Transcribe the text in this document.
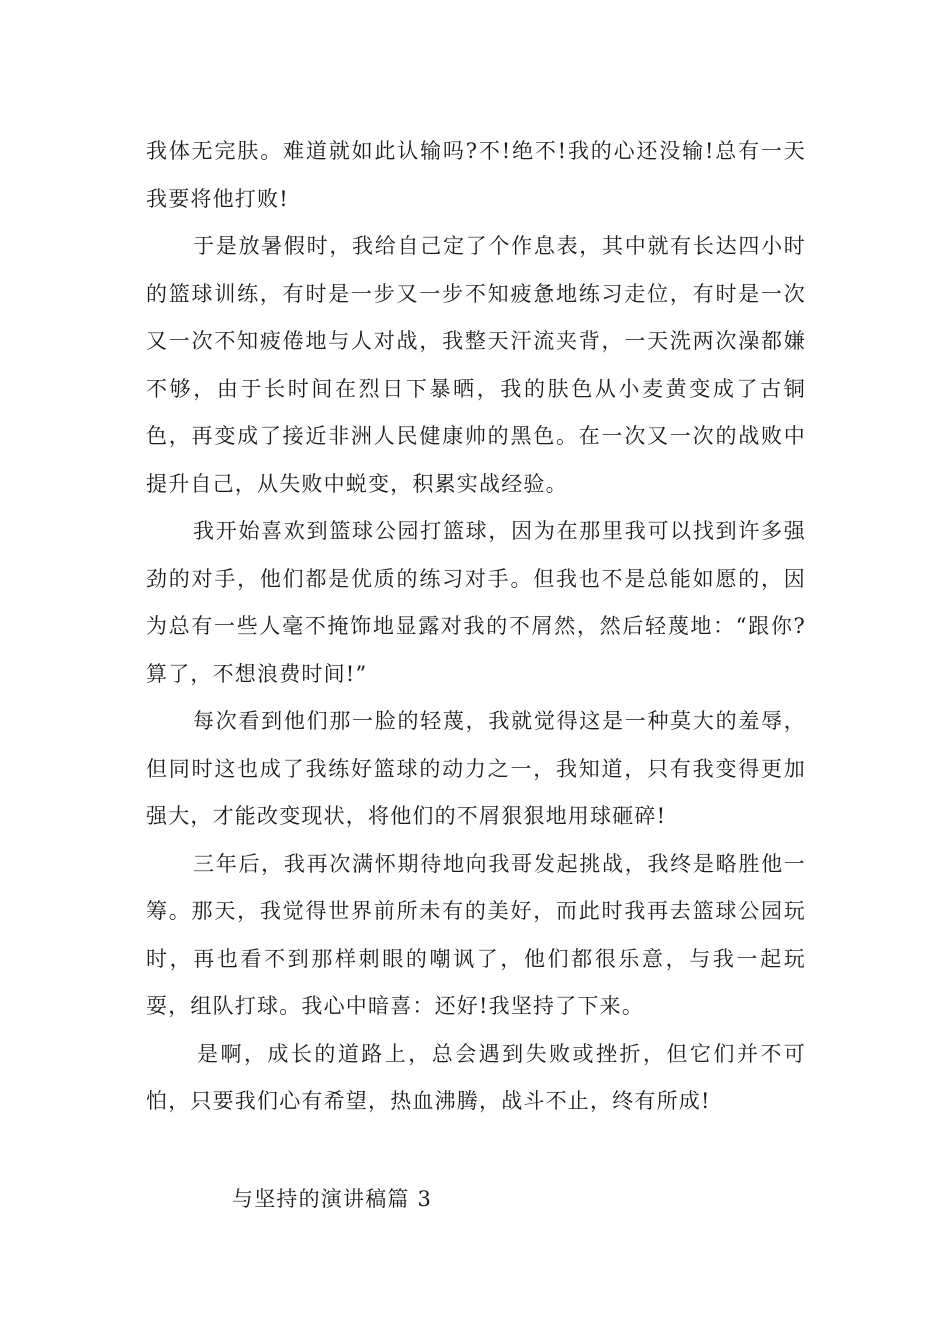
我体无完肤。难道就如此认输吗?不!绝不!我的心还没输!总有一天我要将他打败!

于是放暑假时，我给自己定了个作息表，其中就有长达四小时的篮球训练，有时是一步又一步不知疲惫地练习走位，有时是一次又一次不知疲倦地与人对战，我整天汗流夹背，一天洗两次澡都嫌不够，由于长时间在烈日下暴晒，我的肤色从小麦黄变成了古铜色，再变成了接近非洲人民健康帅的黑色。在一次又一次的战败中提升自己，从失败中蜕变，积累实战经验。

我开始喜欢到篮球公园打篮球，因为在那里我可以找到许多强劲的对手，他们都是优质的练习对手。但我也不是总能如愿的，因为总有一些人毫不掩饰地显露对我的不屑然，然后轻蔑地：“跟你?算了，不想浪费时间!”

每次看到他们那一脸的轻蔑，我就觉得这是一种莫大的羞辱，但同时这也成了我练好篮球的动力之一，我知道，只有我变得更加强大，才能改变现状，将他们的不屑狠狠地用球砸碎!

三年后，我再次满怀期待地向我哥发起挑战，我终是略胜他一筹。那天，我觉得世界前所未有的美好，而此时我再去篮球公园玩时，再也看不到那样刺眼的嘲讽了，他们都很乐意，与我一起玩耍，组队打球。我心中暗喜：还好!我坚持了下来。

是啊，成长的道路上，总会遇到失败或挫折，但它们并不可怕，只要我们心有希望，热血沸腾，战斗不止，终有所成!

与坚持的演讲稿篇 3
